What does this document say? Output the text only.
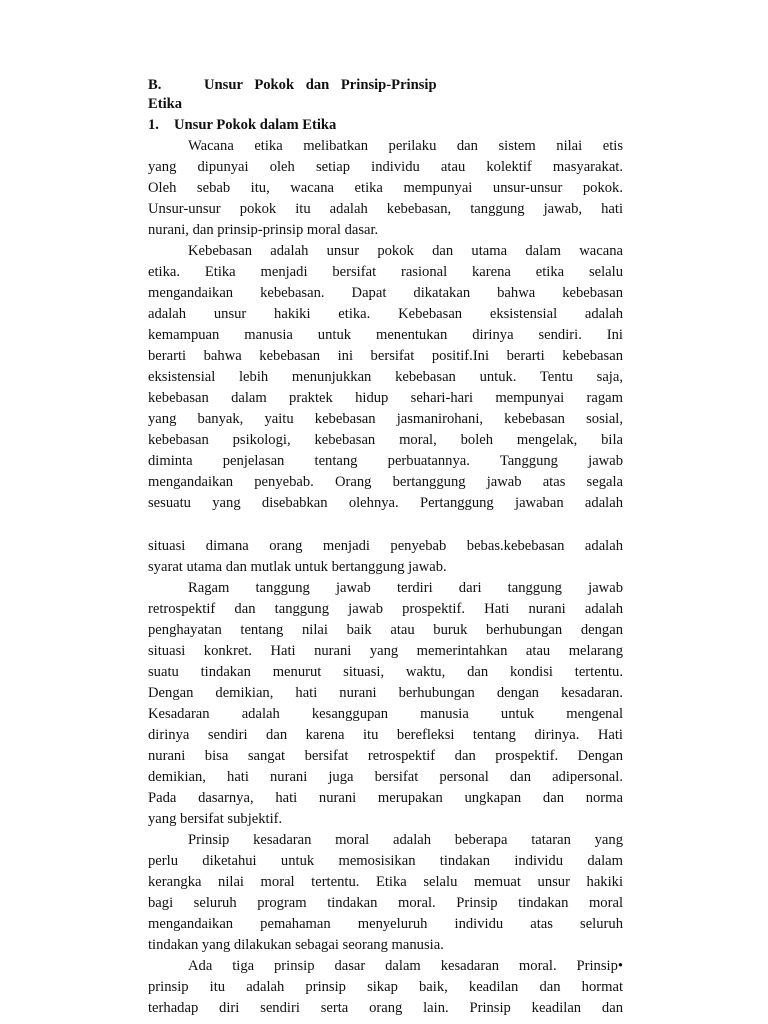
B.	Unsur Pokok dan Prinsip-Prinsip
Etika
1. Unsur Pokok dalam Etika

Wacana etika melibatkan perilaku dan sistem nilai etis
yang dipunyai oleh setiap individu atau kolektif masyarakat.
Oleh sebab itu, wacana etika mempunyai unsur-unsur pokok.
Unsur-unsur pokok itu adalah kebebasan, tanggung jawab, hati
nurani, dan prinsip-prinsip moral dasar.

Kebebasan adalah unsur pokok dan utama dalam wacana
etika. Etika menjadi bersifat rasional karena etika selalu
mengandaikan kebebasan. Dapat dikatakan bahwa kebebasan
adalah unsur hakiki etika. Kebebasan eksistensial adalah
kemampuan manusia untuk menentukan dirinya sendiri. Ini
berarti bahwa kebebasan ini bersifat positif.Ini berarti kebebasan
eksistensial lebih menunjukkan kebebasan untuk. Tentu saja,
kebebasan dalam praktek hidup sehari-hari mempunyai ragam
yang banyak, yaitu kebebasan jasmanirohani, kebebasan sosial,
kebebasan psikologi, kebebasan moral, boleh mengelak, bila
diminta penjelasan tentang perbuatannya. Tanggung jawab
mengandaikan penyebab. Orang bertanggung jawab atas segala
sesuatu yang disebabkan olehnya. Pertanggung jawaban adalah

situasi dimana orang menjadi penyebab bebas.kebebasan adalah
syarat utama dan mutlak untuk bertanggung jawab.

Ragam tanggung jawab terdiri dari tanggung jawab
retrospektif dan tanggung jawab prospektif. Hati nurani adalah
penghayatan tentang nilai baik atau buruk berhubungan dengan
situasi konkret. Hati nurani yang memerintahkan atau melarang
suatu tindakan menurut situasi, waktu, dan kondisi tertentu.
Dengan demikian, hati nurani berhubungan dengan kesadaran.
Kesadaran adalah kesanggupan manusia untuk mengenal
dirinya sendiri dan karena itu berefleksi tentang dirinya. Hati
nurani bisa sangat bersifat retrospektif dan prospektif. Dengan
demikian, hati nurani juga bersifat personal dan adipersonal.
Pada dasarnya, hati nurani merupakan ungkapan dan norma
yang bersifat subjektif.

Prinsip kesadaran moral adalah beberapa tataran yang
perlu diketahui untuk memosisikan tindakan individu dalam
kerangka nilai moral tertentu. Etika selalu memuat unsur hakiki
bagi seluruh program tindakan moral. Prinsip tindakan moral
mengandaikan pemahaman menyeluruh individu atas seluruh
tindakan yang dilakukan sebagai seorang manusia.

Ada tiga prinsip dasar dalam kesadaran moral. Prinsip•
prinsip itu adalah prinsip sikap baik, keadilan dan hormat
terhadap diri sendiri serta orang lain. Prinsip keadilan dan
